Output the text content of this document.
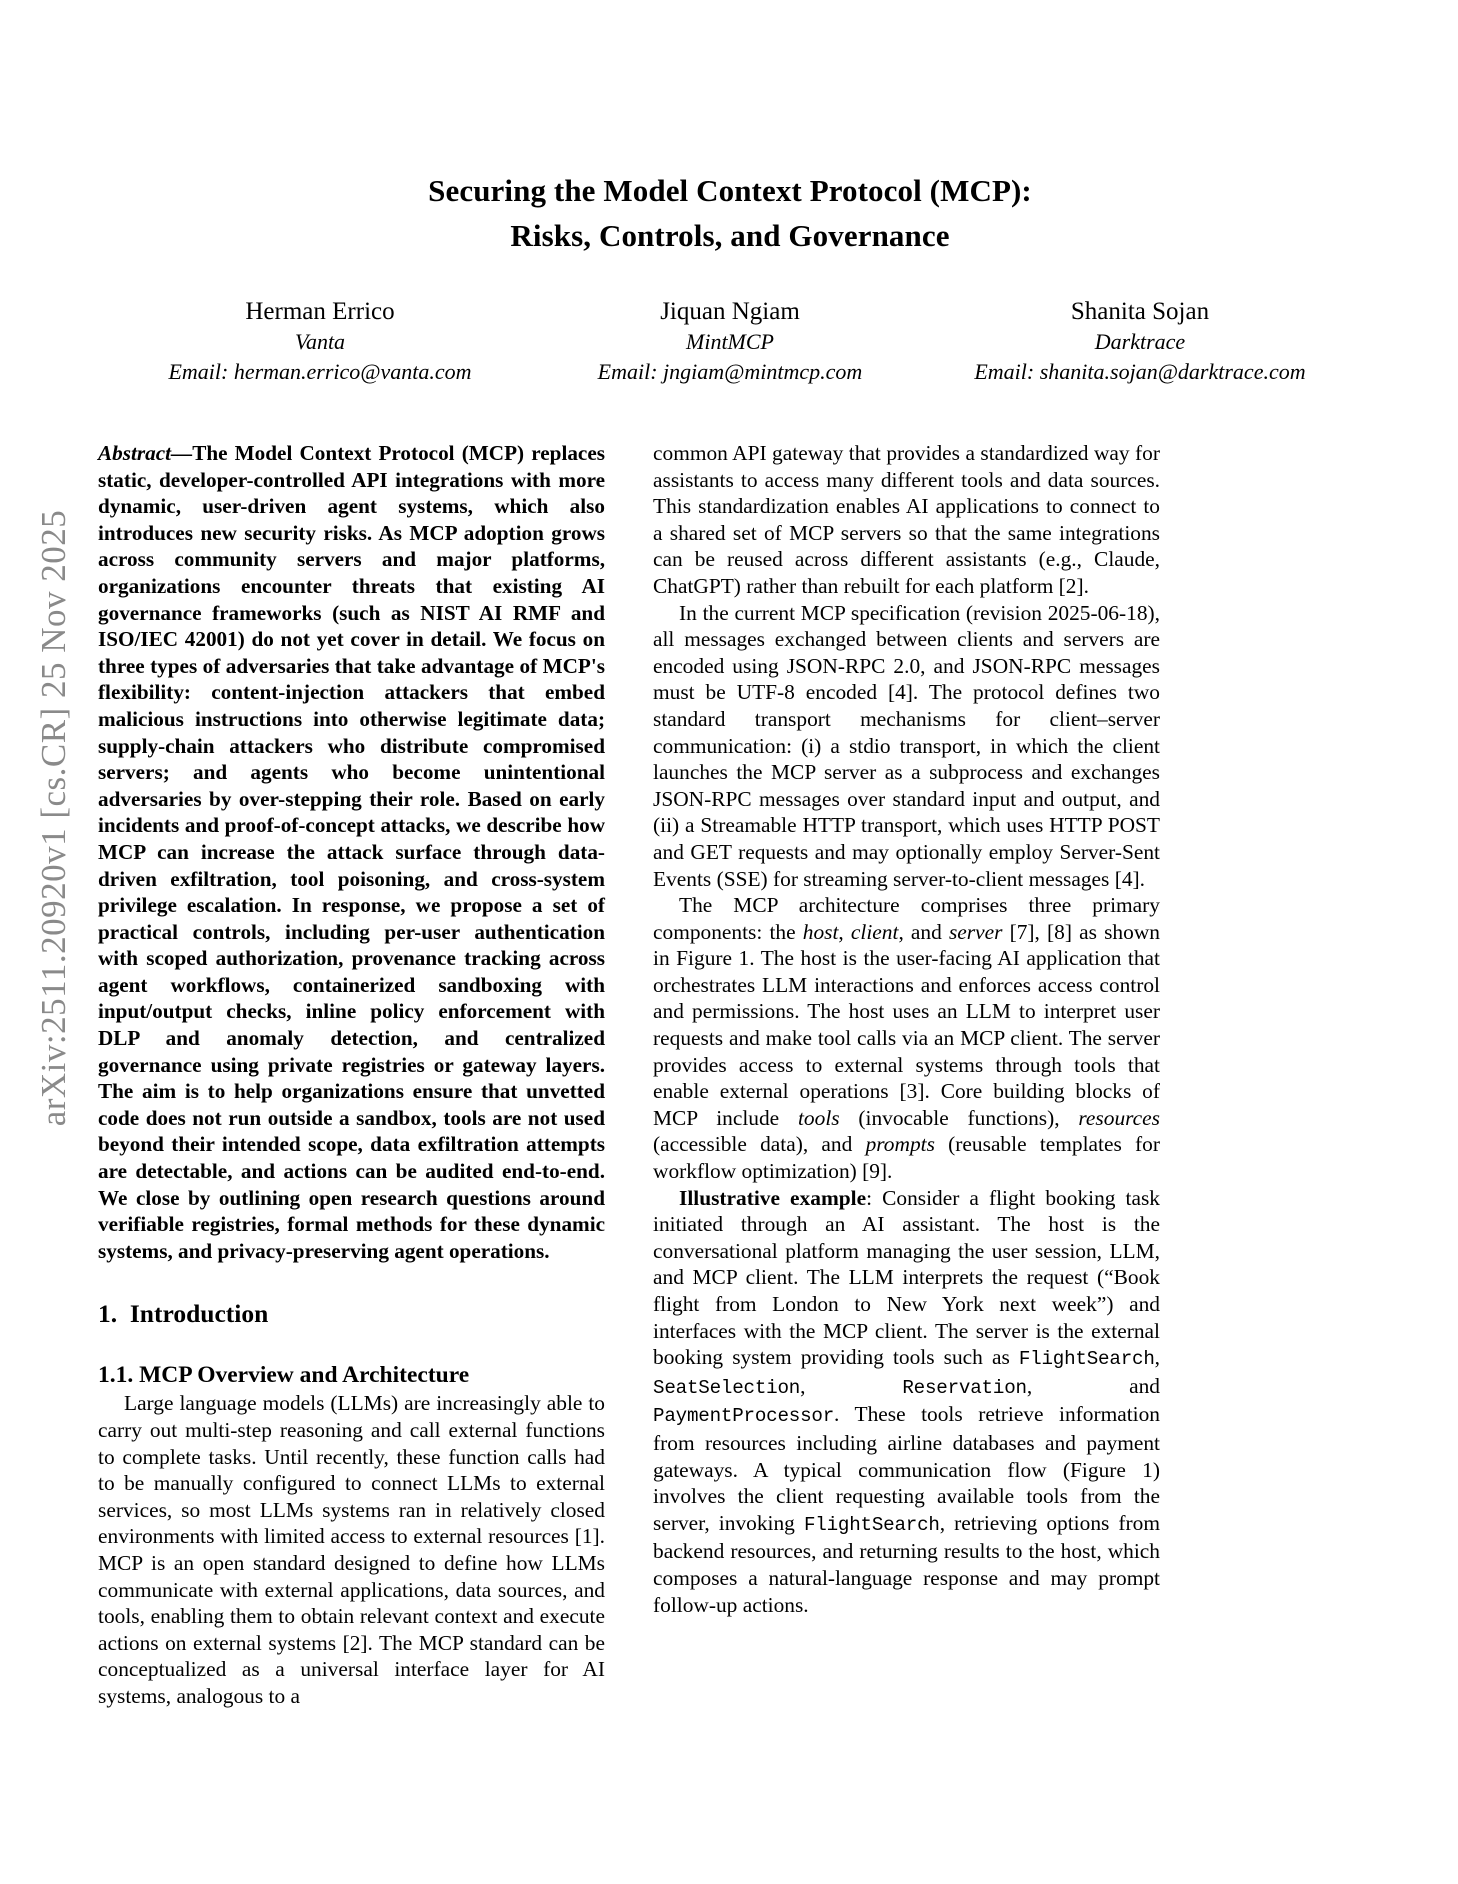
arXiv:2511.20920v1 [cs.CR] 25 Nov 2025
Securing the Model Context Protocol (MCP):
Risks, Controls, and Governance
Herman Errico
Vanta
Email: herman.errico@vanta.com
Jiquan Ngiam
MintMCP
Email: jngiam@mintmcp.com
Shanita Sojan
Darktrace
Email: shanita.sojan@darktrace.com

Abstract—The Model Context Protocol (MCP) replaces static, developer-controlled API integrations with more dynamic, user-driven agent systems, which also introduces new security risks. As MCP adoption grows across community servers and major platforms, organizations encounter threats that existing AI governance frameworks (such as NIST AI RMF and ISO/IEC 42001) do not yet cover in detail. We focus on three types of adversaries that take advantage of MCP's flexibility: content-injection attackers that embed malicious instructions into otherwise legitimate data; supply-chain attackers who distribute compromised servers; and agents who become unintentional adversaries by over-stepping their role. Based on early incidents and proof-of-concept attacks, we describe how MCP can increase the attack surface through data-driven exfiltration, tool poisoning, and cross-system privilege escalation. In response, we propose a set of practical controls, including per-user authentication with scoped authorization, provenance tracking across agent workflows, containerized sandboxing with input/output checks, inline policy enforcement with DLP and anomaly detection, and centralized governance using private registries or gateway layers. The aim is to help organizations ensure that unvetted code does not run outside a sandbox, tools are not used beyond their intended scope, data exfiltration attempts are detectable, and actions can be audited end-to-end. We close by outlining open research questions around verifiable registries, formal methods for these dynamic systems, and privacy-preserving agent operations.

1. Introduction
1.1. MCP Overview and Architecture

Large language models (LLMs) are increasingly able to carry out multi-step reasoning and call external functions to complete tasks. Until recently, these function calls had to be manually configured to connect LLMs to external services, so most LLMs systems ran in relatively closed environments with limited access to external resources [1]. MCP is an open standard designed to define how LLMs communicate with external applications, data sources, and tools, enabling them to obtain relevant context and execute actions on external systems [2]. The MCP standard can be conceptualized as a universal interface layer for AI systems, analogous to a

common API gateway that provides a standardized way for assistants to access many different tools and data sources. This standardization enables AI applications to connect to a shared set of MCP servers so that the same integrations can be reused across different assistants (e.g., Claude, ChatGPT) rather than rebuilt for each platform [2].

In the current MCP specification (revision 2025-06-18), all messages exchanged between clients and servers are encoded using JSON-RPC 2.0, and JSON-RPC messages must be UTF-8 encoded [4]. The protocol defines two standard transport mechanisms for client–server communication: (i) a stdio transport, in which the client launches the MCP server as a subprocess and exchanges JSON-RPC messages over standard input and output, and (ii) a Streamable HTTP transport, which uses HTTP POST and GET requests and may optionally employ Server-Sent Events (SSE) for streaming server-to-client messages [4].

The MCP architecture comprises three primary components: the host, client, and server [7], [8] as shown in Figure 1. The host is the user-facing AI application that orchestrates LLM interactions and enforces access control and permissions. The host uses an LLM to interpret user requests and make tool calls via an MCP client. The server provides access to external systems through tools that enable external operations [3]. Core building blocks of MCP include tools (invocable functions), resources (accessible data), and prompts (reusable templates for workflow optimization) [9].

Illustrative example: Consider a flight booking task initiated through an AI assistant. The host is the conversational platform managing the user session, LLM, and MCP client. The LLM interprets the request (“Book flight from London to New York next week”) and interfaces with the MCP client. The server is the external booking system providing tools such as FlightSearch, SeatSelection, Reservation, and PaymentProcessor. These tools retrieve information from resources including airline databases and payment gateways. A typical communication flow (Figure 1) involves the client requesting available tools from the server, invoking FlightSearch, retrieving options from backend resources, and returning results to the host, which composes a natural-language response and may prompt follow-up actions.
